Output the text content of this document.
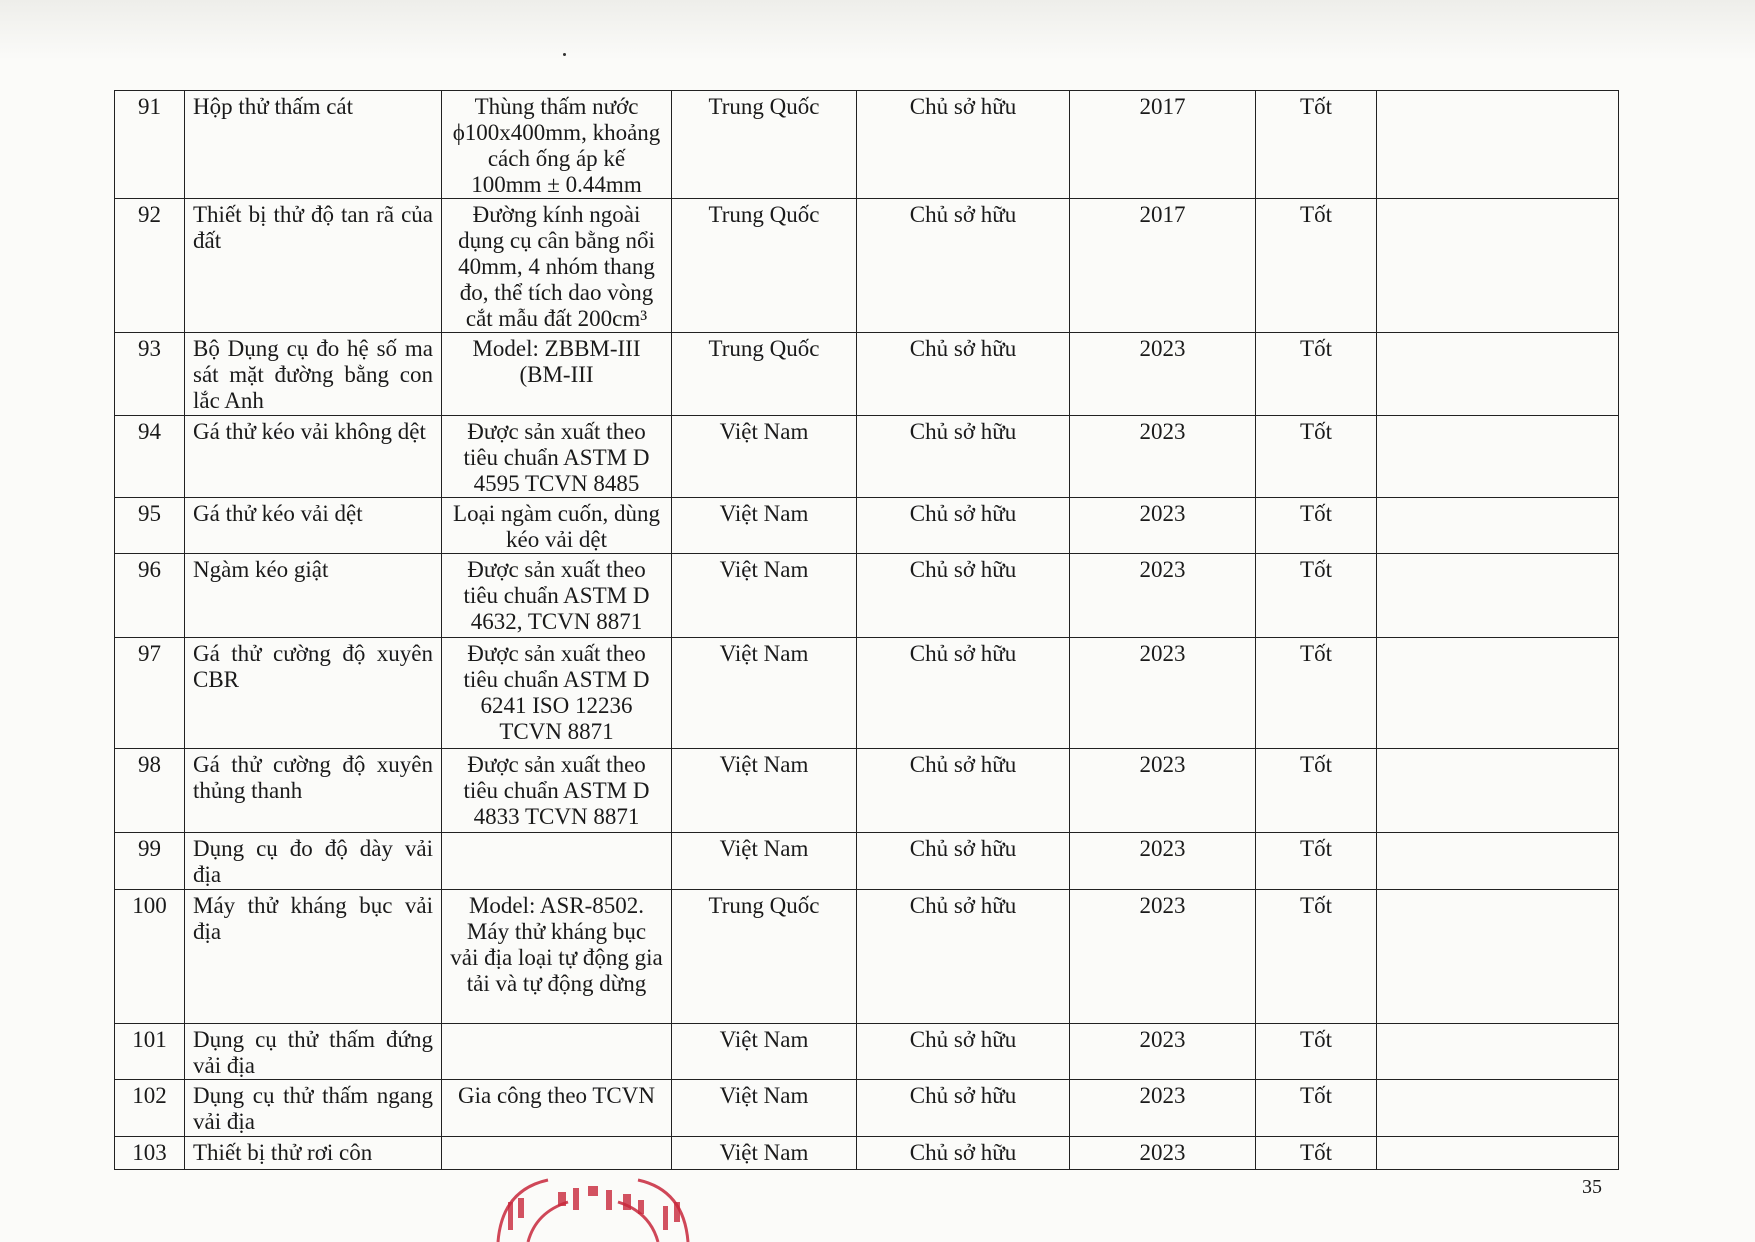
91	Hộp thử thấm cát	Thùng thấm nước ϕ100x400mm, khoảng cách ống áp kế 100mm ± 0.44mm	Trung Quốc	Chủ sở hữu	2017	Tốt	
92	Thiết bị thử độ tan rã của đất	Đường kính ngoài dụng cụ cân bằng nổi 40mm, 4 nhóm thang đo, thể tích dao vòng cắt mẫu đất 200cm³	Trung Quốc	Chủ sở hữu	2017	Tốt	
93	Bộ Dụng cụ đo hệ số ma sát mặt đường bằng con lắc Anh	Model: ZBBM-III (BM-III	Trung Quốc	Chủ sở hữu	2023	Tốt	
94	Gá thử kéo vải không dệt	Được sản xuất theo tiêu chuẩn ASTM D 4595 TCVN 8485	Việt Nam	Chủ sở hữu	2023	Tốt	
95	Gá thử kéo vải dệt	Loại ngàm cuốn, dùng kéo vải dệt	Việt Nam	Chủ sở hữu	2023	Tốt	
96	Ngàm kéo giật	Được sản xuất theo tiêu chuẩn ASTM D 4632, TCVN 8871	Việt Nam	Chủ sở hữu	2023	Tốt	
97	Gá thử cường độ xuyên CBR	Được sản xuất theo tiêu chuẩn ASTM D 6241 ISO 12236 TCVN 8871	Việt Nam	Chủ sở hữu	2023	Tốt	
98	Gá thử cường độ xuyên thủng thanh	Được sản xuất theo tiêu chuẩn ASTM D 4833 TCVN 8871	Việt Nam	Chủ sở hữu	2023	Tốt	
99	Dụng cụ đo độ dày vải địa		Việt Nam	Chủ sở hữu	2023	Tốt	
100	Máy thử kháng bục vải địa	Model: ASR-8502. Máy thử kháng bục vải địa loại tự động gia tải và tự động dừng	Trung Quốc	Chủ sở hữu	2023	Tốt	
101	Dụng cụ thử thấm đứng vải địa		Việt Nam	Chủ sở hữu	2023	Tốt	
102	Dụng cụ thử thấm ngang vải địa	Gia công theo TCVN	Việt Nam	Chủ sở hữu	2023	Tốt	
103	Thiết bị thử rơi côn		Việt Nam	Chủ sở hữu	2023	Tốt	
35
